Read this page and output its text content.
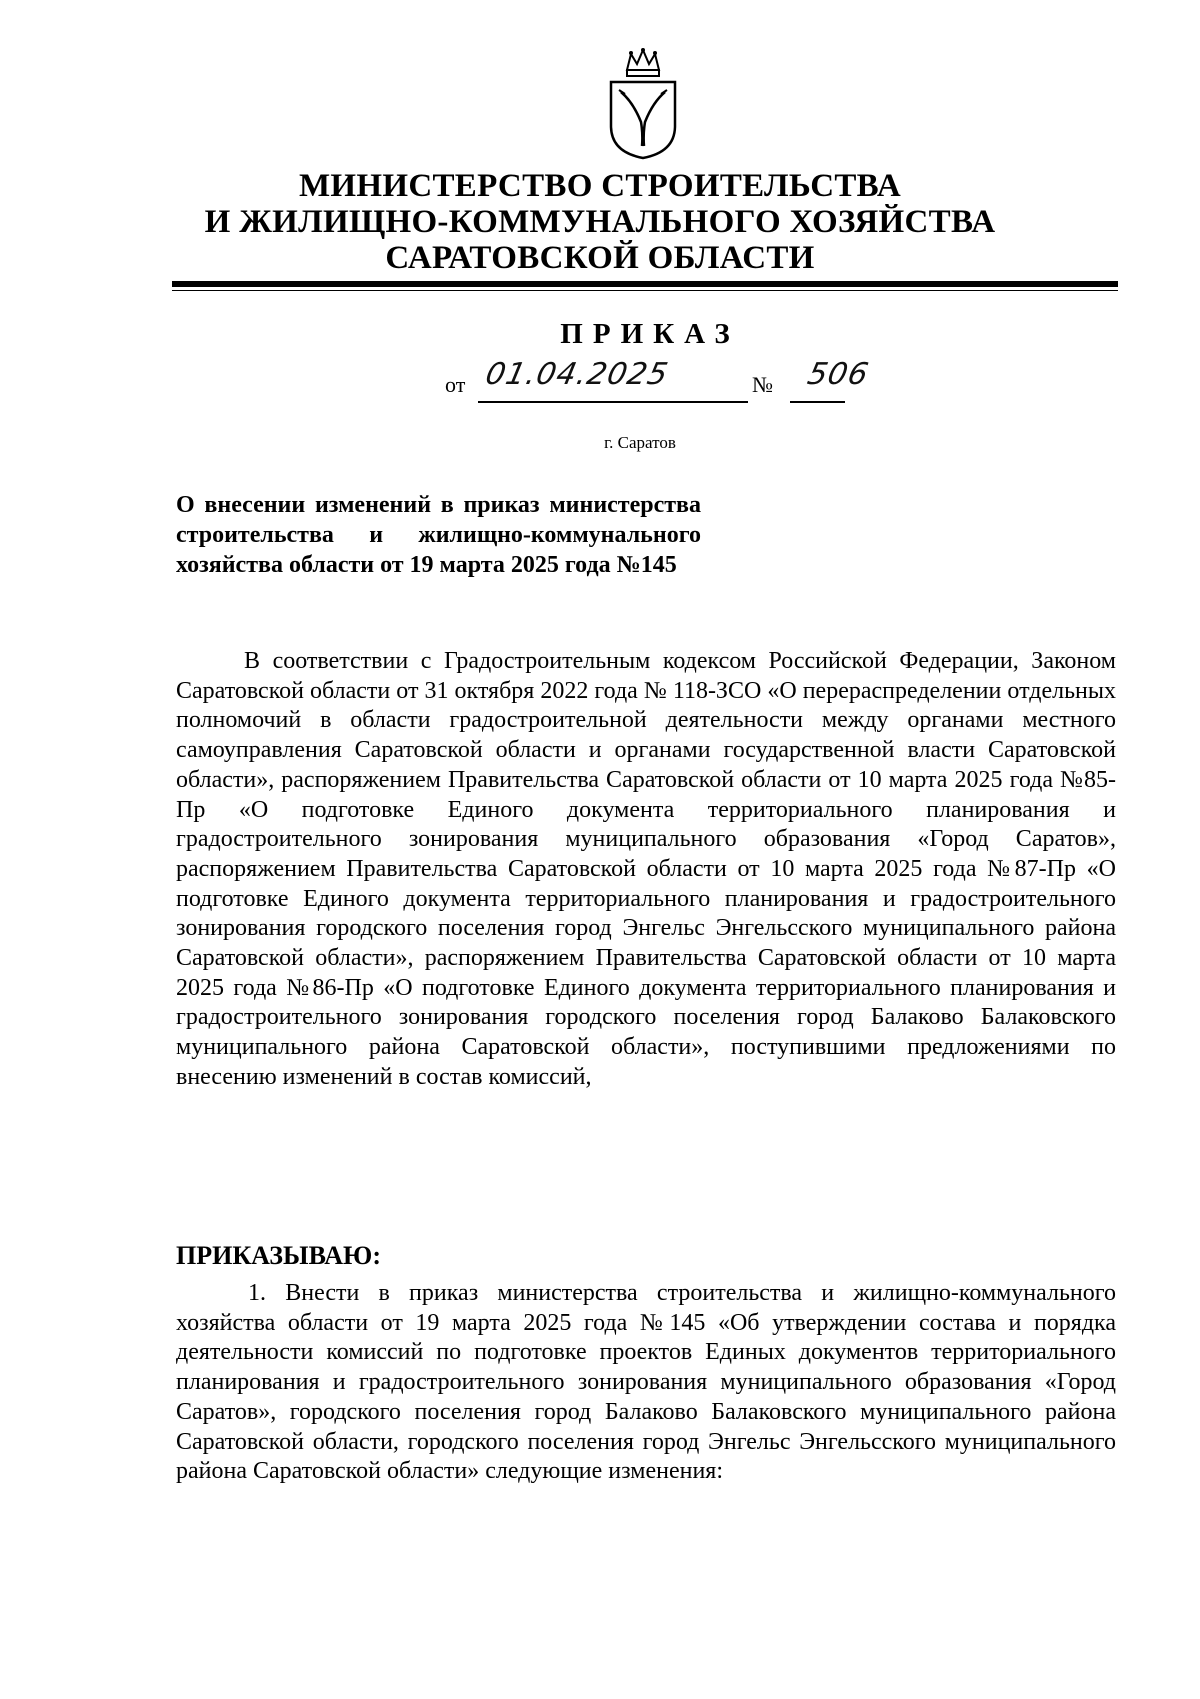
МИНИСТЕРСТВО СТРОИТЕЛЬСТВА
И ЖИЛИЩНО-КОММУНАЛЬНОГО ХОЗЯЙСТВА
САРАТОВСКОЙ ОБЛАСТИ
ПРИКАЗ
от 01.04.2025	№ 506
г. Саратов
О внесении изменений в приказ министерства строительства и жилищно-коммунального хозяйства области от 19 марта 2025 года №145
В соответствии с Градостроительным кодексом Российской Федерации, Законом Саратовской области от 31 октября 2022 года № 118-ЗСО «О перераспределении отдельных полномочий в области градостроительной деятельности между органами местного самоуправления Саратовской области и органами государственной власти Саратовской области», распоряжением Правительства Саратовской области от 10 марта 2025 года №85-Пр «О подготовке Единого документа территориального планирования и градостроительного зонирования муниципального образования «Город Саратов», распоряжением Правительства Саратовской области от 10 марта 2025 года №87-Пр «О подготовке Единого документа территориального планирования и градостроительного зонирования городского поселения город Энгельс Энгельсского муниципального района Саратовской области», распоряжением Правительства Саратовской области от 10 марта 2025 года №86-Пр «О подготовке Единого документа территориального планирования и градостроительного зонирования городского поселения город Балаково Балаковского муниципального района Саратовской области», поступившими предложениями по внесению изменений в состав комиссий,
ПРИКАЗЫВАЮ:
1. Внести в приказ министерства строительства и жилищно-коммунального хозяйства области от 19 марта 2025 года №145 «Об утверждении состава и порядка деятельности комиссий по подготовке проектов Единых документов территориального планирования и градостроительного зонирования муниципального образования «Город Саратов», городского поселения город Балаково Балаковского муниципального района Саратовской области, городского поселения город Энгельс Энгельсского муниципального района Саратовской области» следующие изменения:
